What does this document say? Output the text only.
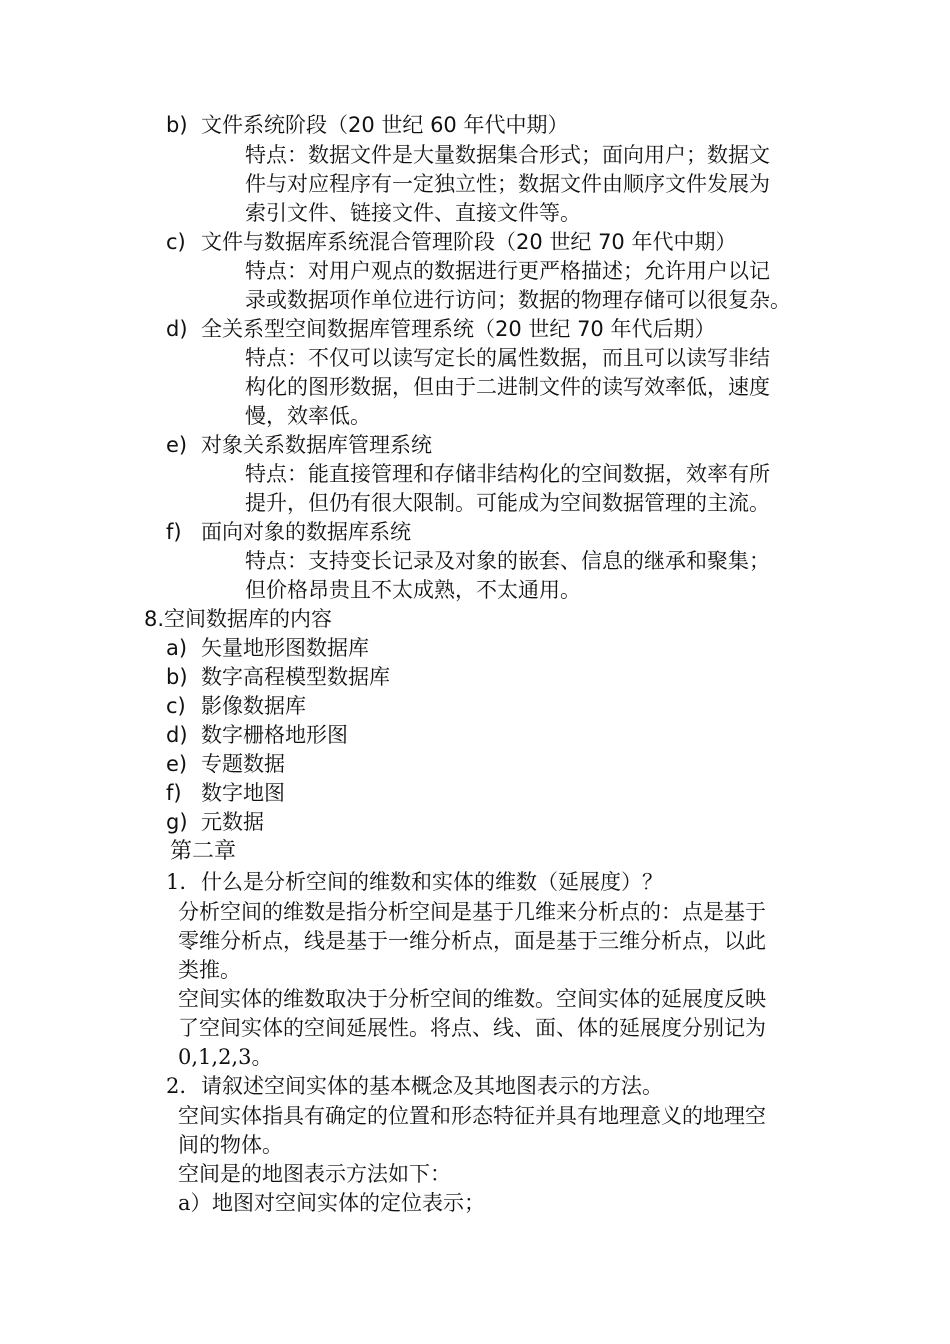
b) 文件系统阶段（20 世纪 60 年代中期）
特点：数据文件是大量数据集合形式；面向用户；数据文
件与对应程序有一定独立性；数据文件由顺序文件发展为
索引文件、链接文件、直接文件等。
c) 文件与数据库系统混合管理阶段（20 世纪 70 年代中期）
特点：对用户观点的数据进行更严格描述；允许用户以记
录或数据项作单位进行访问；数据的物理存储可以很复杂。
d) 全关系型空间数据库管理系统（20 世纪 70 年代后期）
特点：不仅可以读写定长的属性数据，而且可以读写非结
构化的图形数据，但由于二进制文件的读写效率低，速度
慢，效率低。
e) 对象关系数据库管理系统
特点：能直接管理和存储非结构化的空间数据，效率有所
提升，但仍有很大限制。可能成为空间数据管理的主流。
f) 面向对象的数据库系统
特点：支持变长记录及对象的嵌套、信息的继承和聚集；
但价格昂贵且不太成熟，不太通用。
8.空间数据库的内容
a) 矢量地形图数据库
b) 数字高程模型数据库
c) 影像数据库
d) 数字栅格地形图
e) 专题数据
f) 数字地图
g) 元数据
第二章
1. 什么是分析空间的维数和实体的维数（延展度）？
分析空间的维数是指分析空间是基于几维来分析点的：点是基于
零维分析点，线是基于一维分析点，面是基于三维分析点，以此
类推。
空间实体的维数取决于分析空间的维数。空间实体的延展度反映
了空间实体的空间延展性。将点、线、面、体的延展度分别记为
0,1,2,3。
2. 请叙述空间实体的基本概念及其地图表示的方法。
空间实体指具有确定的位置和形态特征并具有地理意义的地理空
间的物体。
空间是的地图表示方法如下：
a） 地图对空间实体的定位表示；
